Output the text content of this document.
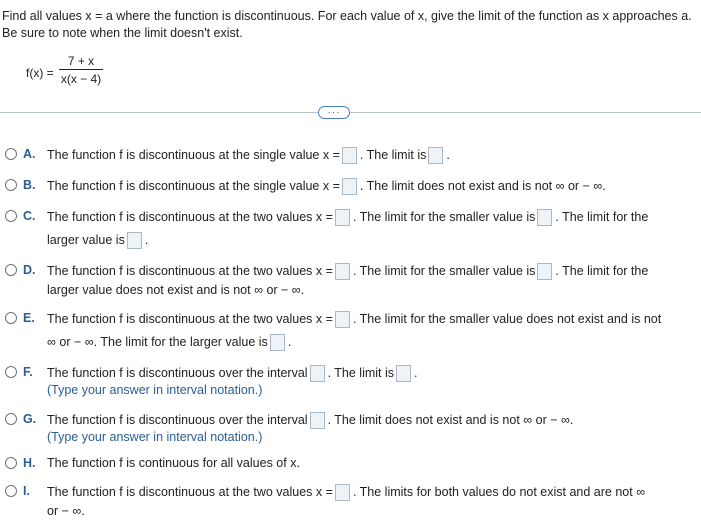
Find all values x = a where the function is discontinuous. For each value of x, give the limit of the function as x approaches a. Be sure to note when the limit doesn't exist.
f(x) =
7 + x
x(x − 4)
···
A. The function f is discontinuous at the single value x = . The limit is .
B. The function f is discontinuous at the single value x = . The limit does not exist and is not ∞ or − ∞.
C. The function f is discontinuous at the two values x = . The limit for the smaller value is . The limit for the
larger value is .
D. The function f is discontinuous at the two values x = . The limit for the smaller value is . The limit for the
larger value does not exist and is not ∞ or − ∞.
E. The function f is discontinuous at the two values x = . The limit for the smaller value does not exist and is not
∞ or − ∞. The limit for the larger value is .
F. The function f is discontinuous over the interval . The limit is .
(Type your answer in interval notation.)
G. The function f is discontinuous over the interval . The limit does not exist and is not ∞ or − ∞.
(Type your answer in interval notation.)
H. The function f is continuous for all values of x.
I. The function f is discontinuous at the two values x = . The limits for both values do not exist and are not ∞
or − ∞.
